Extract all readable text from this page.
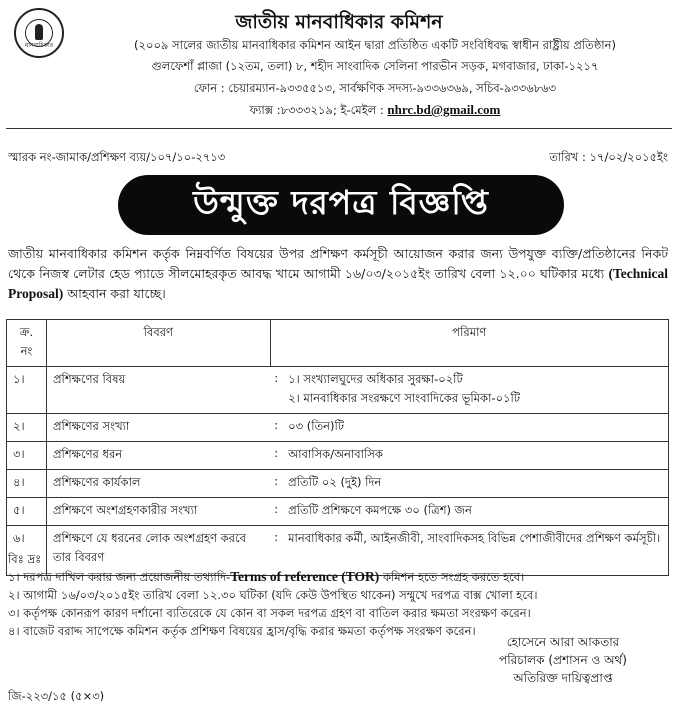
মানবাধিকার
জাতীয় মানবাধিকার কমিশন
(২০০৯ সালের জাতীয় মানবাধিকার কমিশন আইন দ্বারা প্রতিষ্ঠিত একটি সংবিধিবদ্ধ স্বাধীন রাষ্ট্রীয় প্রতিষ্ঠান)
গুলফেশাঁ প্লাজা (১২তম, তলা) ৮, শহীদ সাংবাদিক সেলিনা পারভীন সড়ক, মগবাজার, ঢাকা-১২১৭
ফোন : চেয়ারম্যান-৯৩৩৫৫১৩, সার্বক্ষণিক সদস্য-৯৩৩৬৩৬৯, সচিব-৯৩৩৬৮৬৩
ফ্যাক্স :৮৩৩৩২১৯; ই-মেইল : nhrc.bd@gmail.com
স্মারক নং-জামাক/প্রশিক্ষণ ব্যয়/১০৭/১০-২৭১৩	তারিখ : ১৭/০২/২০১৫ইং
উন্মুক্ত দরপত্র বিজ্ঞপ্তি
জাতীয় মানবাধিকার কমিশন কর্তৃক নিম্নবর্ণিত বিষয়ের উপর প্রশিক্ষণ কর্মসূচী আয়োজন করার জন্য উপযুক্ত ব্যক্তি/প্রতিষ্ঠানের নিকট থেকে নিজস্ব লেটার হেড প্যাডে সীলমোহরকৃত আবদ্ধ খামে আগামী ১৬/০৩/২০১৫ইং তারিখ বেলা ১২.০০ ঘটিকার মধ্যে (Technical Proposal) আহবান করা যাচ্ছে।
ক্র. নং	বিবরণ	পরিমাণ	
১।	প্রশিক্ষণের বিষয়	:	১। সংখ্যালঘুদের অধিকার সুরক্ষা-০২টি
২। মানবাধিকার সংরক্ষণে সাংবাদিকের ভূমিকা-০১টি

২।	প্রশিক্ষণের সংখ্যা	:	০৩ (তিন)টি
৩।	প্রশিক্ষণের ধরন	:	আবাসিক/অনাবাসিক
৪।	প্রশিক্ষণের কার্যকাল	:	প্রতিটি ০২ (দুই) দিন
৫।	প্রশিক্ষণে অংশগ্রহণকারীর সংখ্যা	:	প্রতিটি প্রশিক্ষণে কমপক্ষে ৩০ (ত্রিশ) জন
৬।	প্রশিক্ষণে যে ধরনের লোক অংশগ্রহণ করবে তার বিবরণ	:	মানবাধিকার কর্মী, আইনজীবী, সাংবাদিকসহ বিভিন্ন পেশাজীবীদের প্রশিক্ষণ কর্মসূচী।
বিঃ দ্রঃ
১। দরপত্র দাখিল করার জন্য প্রয়োজনীয় তথ্যাদি-Terms of reference (TOR) কমিশন হতে সংগ্রহ করতে হবে।
২। আগামী ১৬/০৩/২০১৫ইং তারিখ বেলা ১২.৩০ ঘটিকা (যদি কেউ উপস্থিত থাকেন) সম্মুখে দরপত্র বাক্স খোলা হবে।
৩। কর্তৃপক্ষ কোনরূপ কারণ দর্শানো ব্যতিরেকে যে কোন বা সকল দরপত্র গ্রহণ বা বাতিল করার ক্ষমতা সংরক্ষণ করেন।
৪। বাজেট বরাদ্দ সাপেক্ষে কমিশন কর্তৃক প্রশিক্ষণ বিষয়ের হ্রাস/বৃদ্ধি করার ক্ষমতা কর্তৃপক্ষ সংরক্ষণ করেন।
হোসেনে আরা আকতার
পরিচালক (প্রশাসন ও অর্থ)
অতিরিক্ত দায়িত্বপ্রাপ্ত
জি-২২৩/১৫ (৫×৩)
